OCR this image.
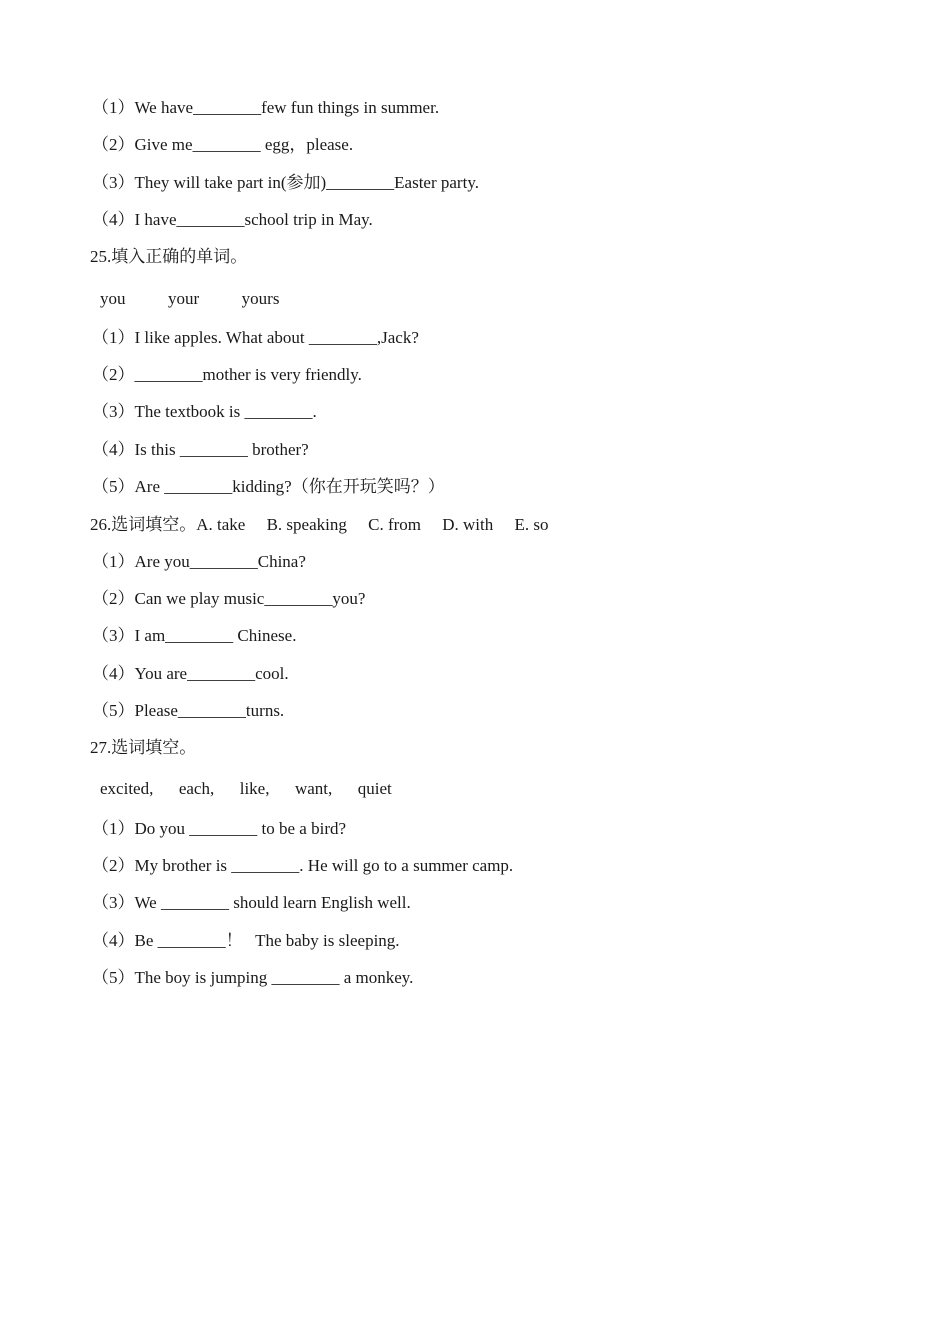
（1）We have________few fun things in summer.
（2）Give me________ egg，please.
（3）They will take part in(参加)________Easter party.
（4）I have________school trip in May.
25.填入正确的单词。
you          your          yours
（1）I like apples. What about ________,Jack?
（2）________mother is very friendly.
（3）The textbook is ________.
（4）Is this ________ brother?
（5）Are ________kidding?（你在开玩笑吗？）
26.选词填空。A. take     B. speaking     C. from     D. with     E. so
（1）Are you________China?
（2）Can we play music________you?
（3）I am________ Chinese.
（4）You are________cool.
（5）Please________turns.
27.选词填空。
excited,      each,      like,      want,      quiet
（1）Do you ________ to be a bird?
（2）My brother is ________. He will go to a summer camp.
（3）We ________ should learn English well.
（4）Be ________！   The baby is sleeping.
（5）The boy is jumping ________ a monkey.
